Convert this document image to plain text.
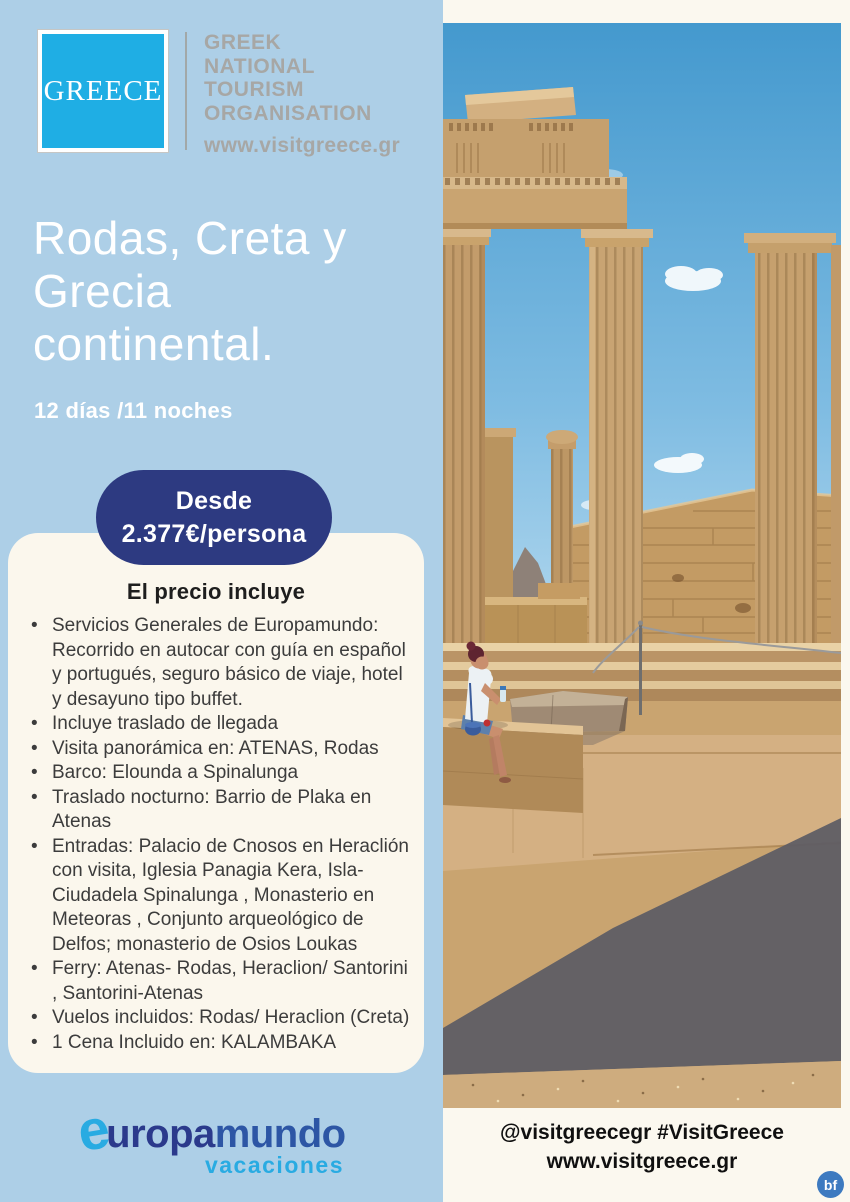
GREECE
GREEK
NATIONAL
TOURISM
ORGANISATION
www.visitgreece.gr
Rodas, Creta y
Grecia
continental.
12 días /11 noches
Desde
2.377€/persona
El precio incluye
• Servicios Generales de Europamundo: Recorrido en autocar con guía en español y portugués, seguro básico de viaje, hotel y desayuno tipo buffet.
• Incluye traslado de llegada
• Visita panorámica en: ATENAS, Rodas
• Barco: Elounda a Spinalunga
• Traslado nocturno: Barrio de Plaka en Atenas
• Entradas: Palacio de Cnosos en Heraclión con visita, Iglesia Panagia Kera, Isla-Ciudadela Spinalunga , Monasterio en Meteoras , Conjunto arqueológico de Delfos; monasterio de Osios Loukas
• Ferry: Atenas- Rodas, Heraclion/ Santorini , Santorini-Atenas
• Vuelos incluidos: Rodas/ Heraclion (Creta)
• 1 Cena Incluido en: KALAMBAKA
e
uropa mundo
vacaciones
@visitgreecegr #VisitGreece
www.visitgreece.gr
bf
